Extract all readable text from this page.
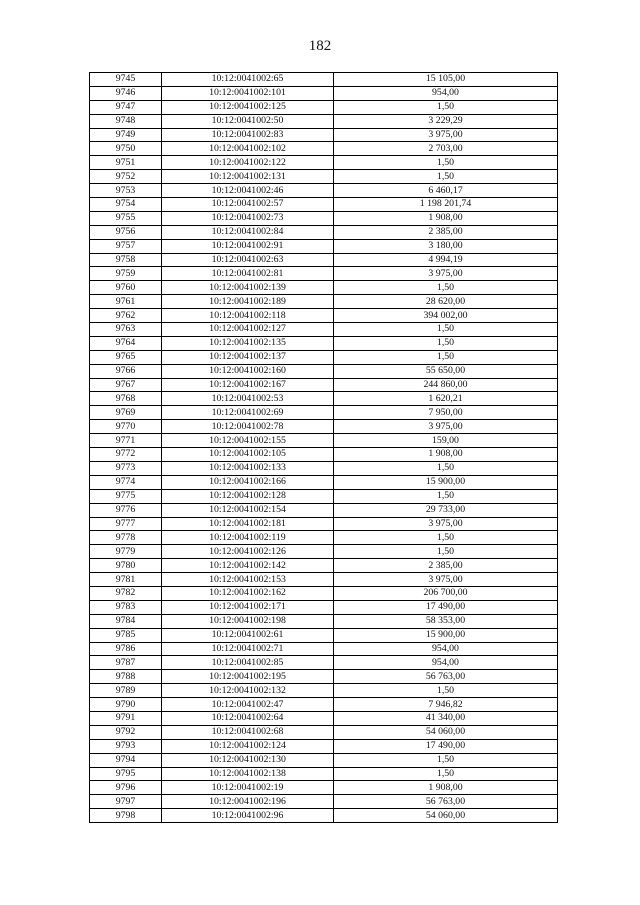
182
9745	10:12:0041002:65	15 105,00
9746	10:12:0041002:101	954,00
9747	10:12:0041002:125	1,50
9748	10:12:0041002:50	3 229,29
9749	10:12:0041002:83	3 975,00
9750	10:12:0041002:102	2 703,00
9751	10:12:0041002:122	1,50
9752	10:12:0041002:131	1,50
9753	10:12:0041002:46	6 460,17
9754	10:12:0041002:57	1 198 201,74
9755	10:12:0041002:73	1 908,00
9756	10:12:0041002:84	2 385,00
9757	10:12:0041002:91	3 180,00
9758	10:12:0041002:63	4 994,19
9759	10:12:0041002:81	3 975,00
9760	10:12:0041002:139	1,50
9761	10:12:0041002:189	28 620,00
9762	10:12:0041002:118	394 002,00
9763	10:12:0041002:127	1,50
9764	10:12:0041002:135	1,50
9765	10:12:0041002:137	1,50
9766	10:12:0041002:160	55 650,00
9767	10:12:0041002:167	244 860,00
9768	10:12:0041002:53	1 620,21
9769	10:12:0041002:69	7 950,00
9770	10:12:0041002:78	3 975,00
9771	10:12:0041002:155	159,00
9772	10:12:0041002:105	1 908,00
9773	10:12:0041002:133	1,50
9774	10:12:0041002:166	15 900,00
9775	10:12:0041002:128	1,50
9776	10:12:0041002:154	29 733,00
9777	10:12:0041002:181	3 975,00
9778	10:12:0041002:119	1,50
9779	10:12:0041002:126	1,50
9780	10:12:0041002:142	2 385,00
9781	10:12:0041002:153	3 975,00
9782	10:12:0041002:162	206 700,00
9783	10:12:0041002:171	17 490,00
9784	10:12:0041002:198	58 353,00
9785	10:12:0041002:61	15 900,00
9786	10:12:0041002:71	954,00
9787	10:12:0041002:85	954,00
9788	10:12:0041002:195	56 763,00
9789	10:12:0041002:132	1,50
9790	10:12:0041002:47	7 946,82
9791	10:12:0041002:64	41 340,00
9792	10:12:0041002:68	54 060,00
9793	10:12:0041002:124	17 490,00
9794	10:12:0041002:130	1,50
9795	10:12:0041002:138	1,50
9796	10:12:0041002:19	1 908,00
9797	10:12:0041002:196	56 763,00
9798	10:12:0041002:96	54 060,00
